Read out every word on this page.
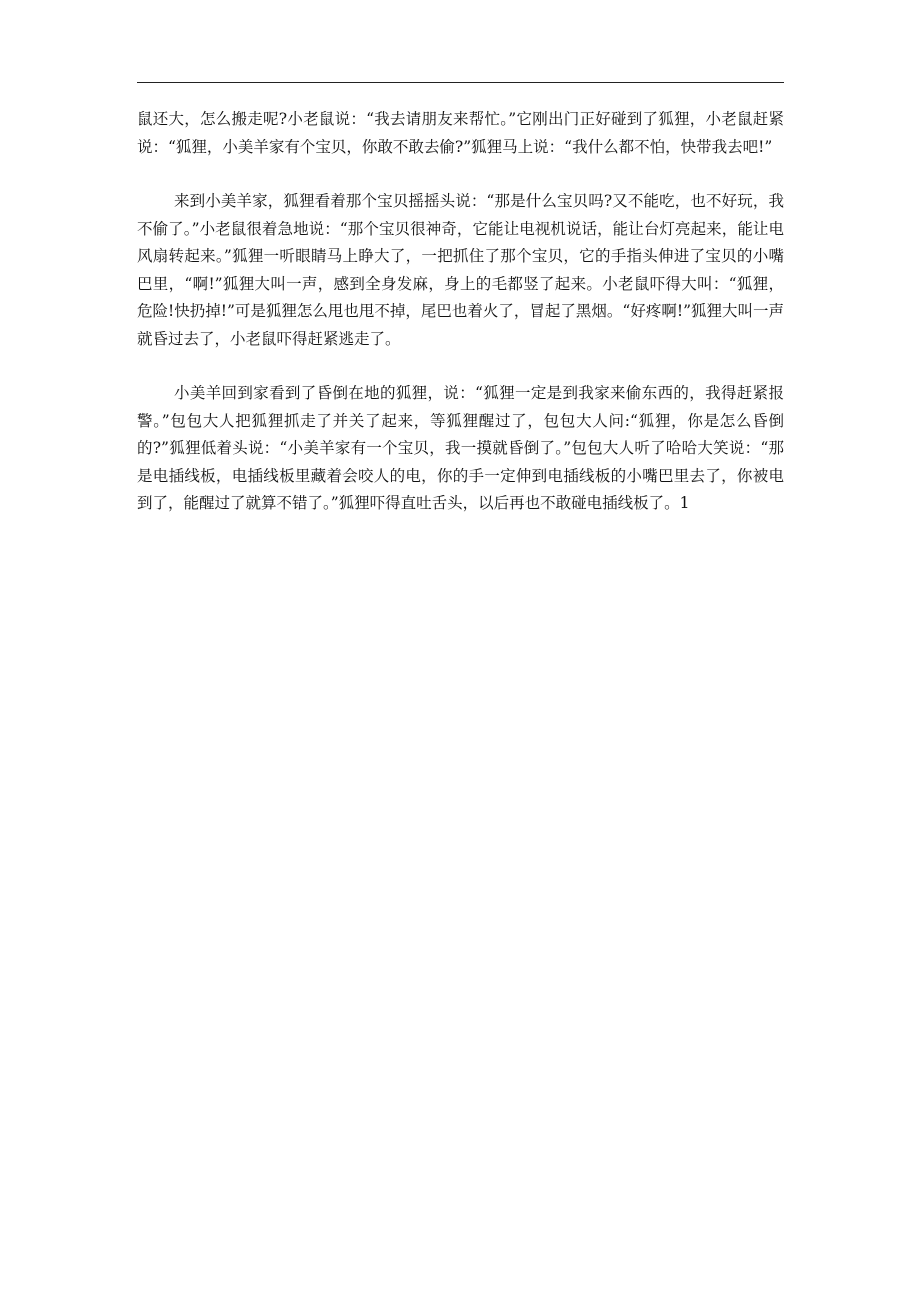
鼠还大，怎么搬走呢?小老鼠说：“我去请朋友来帮忙。”它刚出门正好碰到了狐狸，小老鼠赶紧说：“狐狸，小美羊家有个宝贝，你敢不敢去偷?”狐狸马上说：“我什么都不怕，快带我去吧!”

来到小美羊家，狐狸看着那个宝贝摇摇头说：“那是什么宝贝吗?又不能吃，也不好玩，我不偷了。”小老鼠很着急地说：“那个宝贝很神奇，它能让电视机说话，能让台灯亮起来，能让电风扇转起来。”狐狸一听眼睛马上睁大了，一把抓住了那个宝贝，它的手指头伸进了宝贝的小嘴巴里，“啊!”狐狸大叫一声，感到全身发麻，身上的毛都竖了起来。小老鼠吓得大叫：“狐狸，危险!快扔掉!”可是狐狸怎么甩也甩不掉，尾巴也着火了，冒起了黑烟。“好疼啊!”狐狸大叫一声就昏过去了，小老鼠吓得赶紧逃走了。

小美羊回到家看到了昏倒在地的狐狸，说：“狐狸一定是到我家来偷东西的，我得赶紧报警。”包包大人把狐狸抓走了并关了起来，等狐狸醒过了，包包大人问:“狐狸，你是怎么昏倒的?”狐狸低着头说：“小美羊家有一个宝贝，我一摸就昏倒了。”包包大人听了哈哈大笑说：“那是电插线板，电插线板里藏着会咬人的电，你的手一定伸到电插线板的小嘴巴里去了，你被电到了，能醒过了就算不错了。”狐狸吓得直吐舌头，以后再也不敢碰电插线板了。1
